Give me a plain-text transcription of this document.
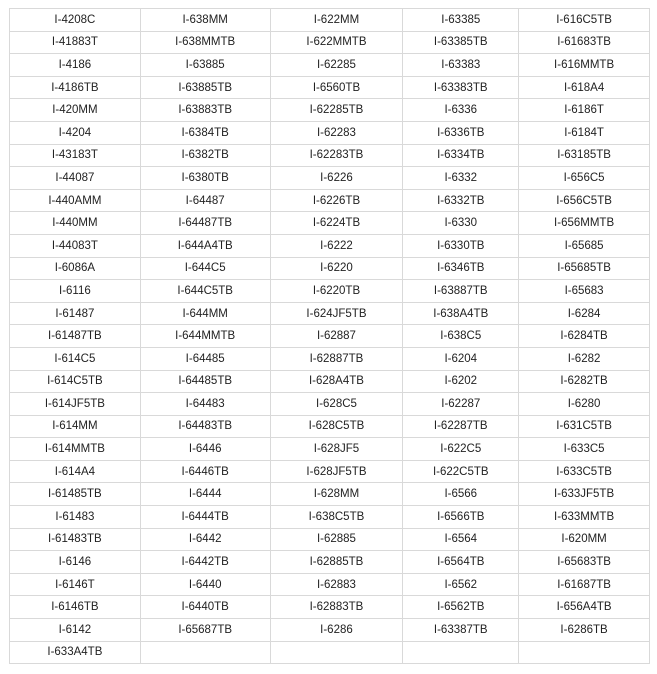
I-4208C	I-638MM	I-622MM	I-63385	I-616C5TB
I-41883T	I-638MMTB	I-622MMTB	I-63385TB	I-61683TB
I-4186	I-63885	I-62285	I-63383	I-616MMTB
I-4186TB	I-63885TB	I-6560TB	I-63383TB	I-618A4
I-420MM	I-63883TB	I-62285TB	I-6336	I-6186T
I-4204	I-6384TB	I-62283	I-6336TB	I-6184T
I-43183T	I-6382TB	I-62283TB	I-6334TB	I-63185TB
I-44087	I-6380TB	I-6226	I-6332	I-656C5
I-440AMM	I-64487	I-6226TB	I-6332TB	I-656C5TB
I-440MM	I-64487TB	I-6224TB	I-6330	I-656MMTB
I-44083T	I-644A4TB	I-6222	I-6330TB	I-65685
I-6086A	I-644C5	I-6220	I-6346TB	I-65685TB
I-6116	I-644C5TB	I-6220TB	I-63887TB	I-65683
I-61487	I-644MM	I-624JF5TB	I-638A4TB	I-6284
I-61487TB	I-644MMTB	I-62887	I-638C5	I-6284TB
I-614C5	I-64485	I-62887TB	I-6204	I-6282
I-614C5TB	I-64485TB	I-628A4TB	I-6202	I-6282TB
I-614JF5TB	I-64483	I-628C5	I-62287	I-6280
I-614MM	I-64483TB	I-628C5TB	I-62287TB	I-631C5TB
I-614MMTB	I-6446	I-628JF5	I-622C5	I-633C5
I-614A4	I-6446TB	I-628JF5TB	I-622C5TB	I-633C5TB
I-61485TB	I-6444	I-628MM	I-6566	I-633JF5TB
I-61483	I-6444TB	I-638C5TB	I-6566TB	I-633MMTB
I-61483TB	I-6442	I-62885	I-6564	I-620MM
I-6146	I-6442TB	I-62885TB	I-6564TB	I-65683TB
I-6146T	I-6440	I-62883	I-6562	I-61687TB
I-6146TB	I-6440TB	I-62883TB	I-6562TB	I-656A4TB
I-6142	I-65687TB	I-6286	I-63387TB	I-6286TB
I-633A4TB				
